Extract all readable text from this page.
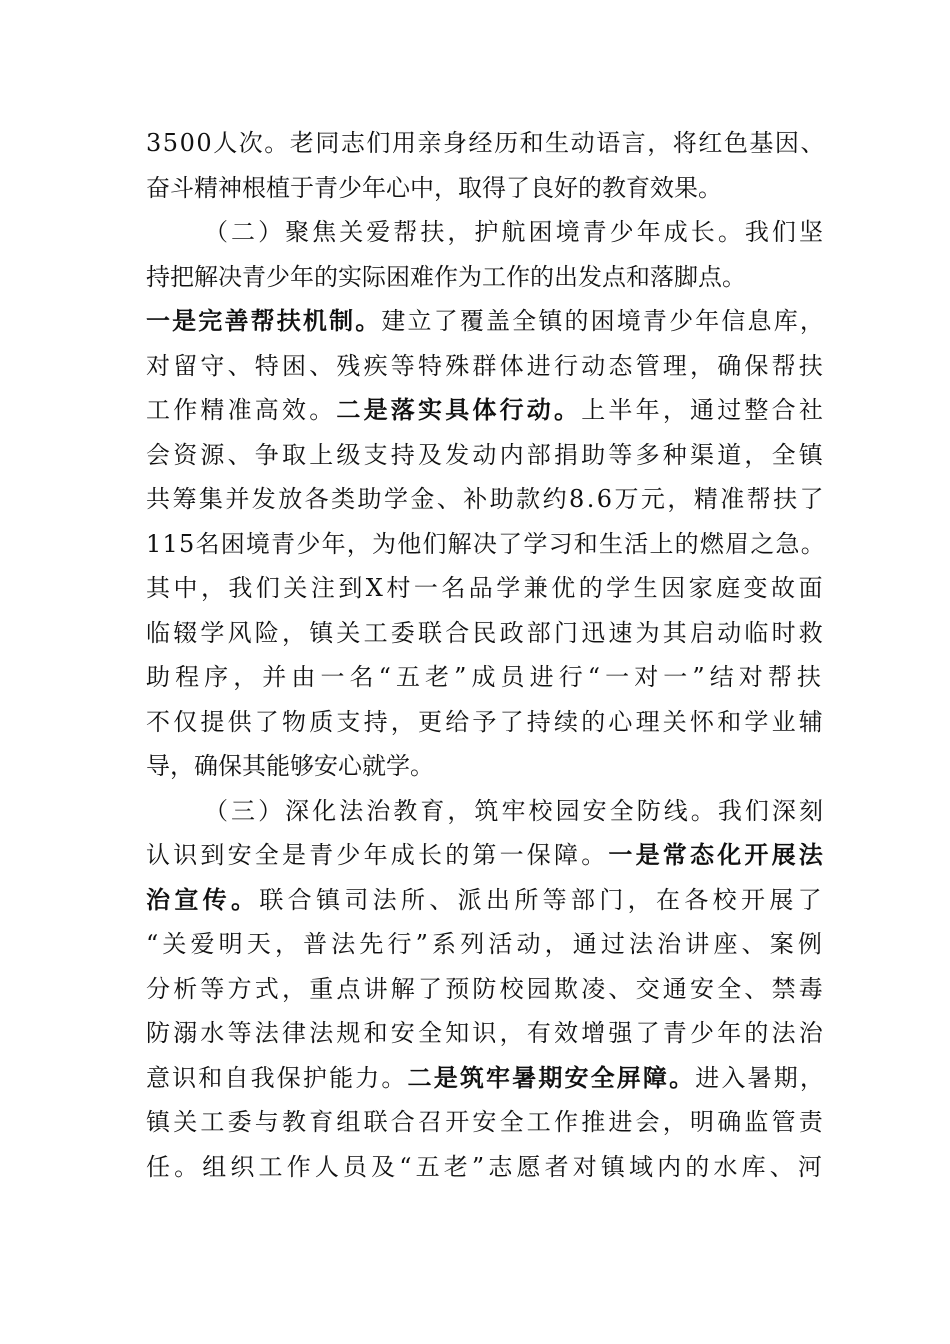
3500人次。老同志们用亲身经历和生动语言，将红色基因、
奋斗精神根植于青少年心中，取得了良好的教育效果。
（二）聚焦关爱帮扶，护航困境青少年成长。我们坚
持把解决青少年的实际困难作为工作的出发点和落脚点。
一是完善帮扶机制。建立了覆盖全镇的困境青少年信息库，
对留守、特困、残疾等特殊群体进行动态管理，确保帮扶
工作精准高效。二是落实具体行动。上半年，通过整合社
会资源、争取上级支持及发动内部捐助等多种渠道，全镇
共筹集并发放各类助学金、补助款约8.6万元，精准帮扶了
115名困境青少年，为他们解决了学习和生活上的燃眉之急。
其中，我们关注到X村一名品学兼优的学生因家庭变故面
临辍学风险，镇关工委联合民政部门迅速为其启动临时救
助程序，并由一名“五老”成员进行“一对一”结对帮扶
不仅提供了物质支持，更给予了持续的心理关怀和学业辅
导，确保其能够安心就学。
（三）深化法治教育，筑牢校园安全防线。我们深刻
认识到安全是青少年成长的第一保障。一是常态化开展法
治宣传。联合镇司法所、派出所等部门，在各校开展了
“关爱明天，普法先行”系列活动，通过法治讲座、案例
分析等方式，重点讲解了预防校园欺凌、交通安全、禁毒
防溺水等法律法规和安全知识，有效增强了青少年的法治
意识和自我保护能力。二是筑牢暑期安全屏障。进入暑期，
镇关工委与教育组联合召开安全工作推进会，明确监管责
任。组织工作人员及“五老”志愿者对镇域内的水库、河
